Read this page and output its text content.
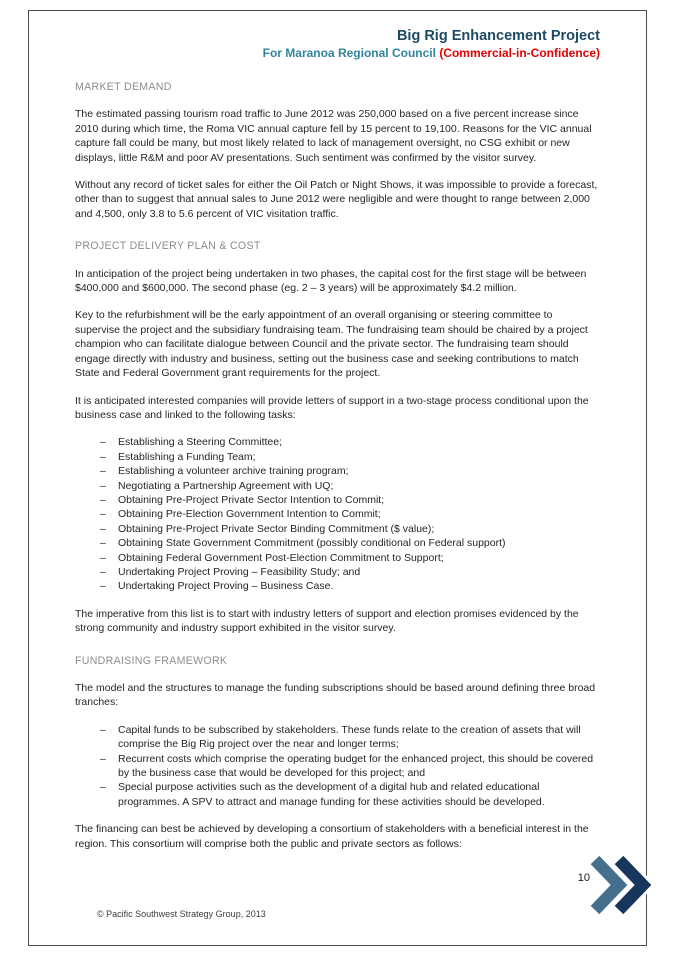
Big Rig Enhancement Project
For Maranoa Regional Council (Commercial-in-Confidence)
MARKET DEMAND

The estimated passing tourism road traffic to June 2012 was 250,000 based on a five percent increase since 2010 during which time, the Roma VIC annual capture fell by 15 percent to 19,100. Reasons for the VIC annual capture fall could be many, but most likely related to lack of management oversight, no CSG exhibit or new displays, little R&M and poor AV presentations. Such sentiment was confirmed by the visitor survey.

Without any record of ticket sales for either the Oil Patch or Night Shows, it was impossible to provide a forecast, other than to suggest that annual sales to June 2012 were negligible and were thought to range between 2,000 and 4,500, only 3.8 to 5.6 percent of VIC visitation traffic.

PROJECT DELIVERY PLAN & COST

In anticipation of the project being undertaken in two phases, the capital cost for the first stage will be between $400,000 and $600,000. The second phase (eg. 2 – 3 years) will be approximately $4.2 million.

Key to the refurbishment will be the early appointment of an overall organising or steering committee to supervise the project and the subsidiary fundraising team. The fundraising team should be chaired by a project champion who can facilitate dialogue between Council and the private sector. The fundraising team should engage directly with industry and business, setting out the business case and seeking contributions to match State and Federal Government grant requirements for the project.

It is anticipated interested companies will provide letters of support in a two-stage process conditional upon the business case and linked to the following tasks:

–	Establishing a Steering Committee;
–	Establishing a Funding Team;
–	Establishing a volunteer archive training program;
–	Negotiating a Partnership Agreement with UQ;
–	Obtaining Pre-Project Private Sector Intention to Commit;
–	Obtaining Pre-Election Government Intention to Commit;
–	Obtaining Pre-Project Private Sector Binding Commitment ($ value);
–	Obtaining State Government Commitment (possibly conditional on Federal support)
–	Obtaining Federal Government Post-Election Commitment to Support;
–	Undertaking Project Proving – Feasibility Study; and
–	Undertaking Project Proving – Business Case.

The imperative from this list is to start with industry letters of support and election promises evidenced by the strong community and industry support exhibited in the visitor survey.

FUNDRAISING FRAMEWORK

The model and the structures to manage the funding subscriptions should be based around defining three broad tranches:

–	Capital funds to be subscribed by stakeholders. These funds relate to the creation of assets that will comprise the Big Rig project over the near and longer terms;
–	Recurrent costs which comprise the operating budget for the enhanced project, this should be covered by the business case that would be developed for this project; and
–	Special purpose activities such as the development of a digital hub and related educational programmes. A SPV to attract and manage funding for these activities should be developed.

The financing can best be achieved by developing a consortium of stakeholders with a beneficial interest in the region. This consortium will comprise both the public and private sectors as follows:

10
© Pacific Southwest Strategy Group, 2013
